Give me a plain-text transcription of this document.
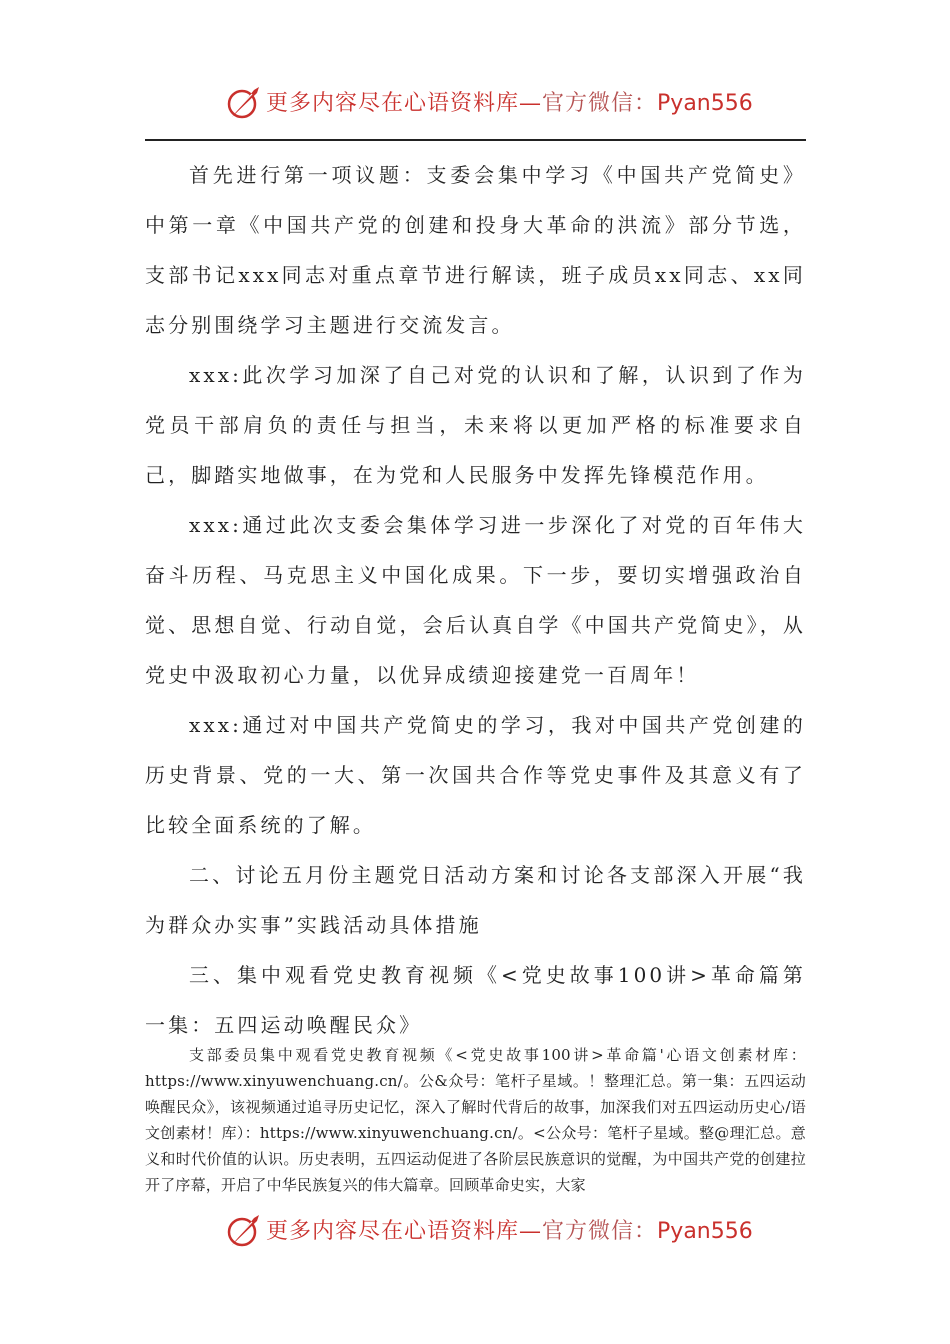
更多内容尽在心语资料库—官方微信：Pyan556

首先进行第一项议题：支委会集中学习《中国共产党简史》中第一章《中国共产党的创建和投身大革命的洪流》部分节选，支部书记xxx同志对重点章节进行解读，班子成员xx同志、xx同志分别围绕学习主题进行交流发言。

xxx:此次学习加深了自己对党的认识和了解，认识到了作为党员干部肩负的责任与担当，未来将以更加严格的标准要求自己，脚踏实地做事，在为党和人民服务中发挥先锋模范作用。

xxx:通过此次支委会集体学习进一步深化了对党的百年伟大奋斗历程、马克思主义中国化成果。下一步，要切实增强政治自觉、思想自觉、行动自觉，会后认真自学《中国共产党简史》，从党史中汲取初心力量，以优异成绩迎接建党一百周年！

xxx:通过对中国共产党简史的学习，我对中国共产党创建的历史背景、党的一大、第一次国共合作等党史事件及其意义有了比较全面系统的了解。

二、讨论五月份主题党日活动方案和讨论各支部深入开展“我为群众办实事”实践活动具体措施

三、集中观看党史教育视频《<党史故事100讲>革命篇第一集：五四运动唤醒民众》

支部委员集中观看党史教育视频《<党史故事100讲>革命篇'心语文创素材库：https://www.xinyuwenchuang.cn/。公&众号：笔杆子星域。！整理汇总。第一集：五四运动唤醒民众》，该视频通过追寻历史记忆，深入了解时代背后的故事，加深我们对五四运动历史心/语文创素材！库）：https://www.xinyuwenchuang.cn/。<公众号：笔杆子星域。整@理汇总。意义和时代价值的认识。历史表明，五四运动促进了各阶层民族意识的觉醒，为中国共产党的创建拉开了序幕，开启了中华民族复兴的伟大篇章。回顾革命史实，大家

更多内容尽在心语资料库—官方微信：Pyan556
